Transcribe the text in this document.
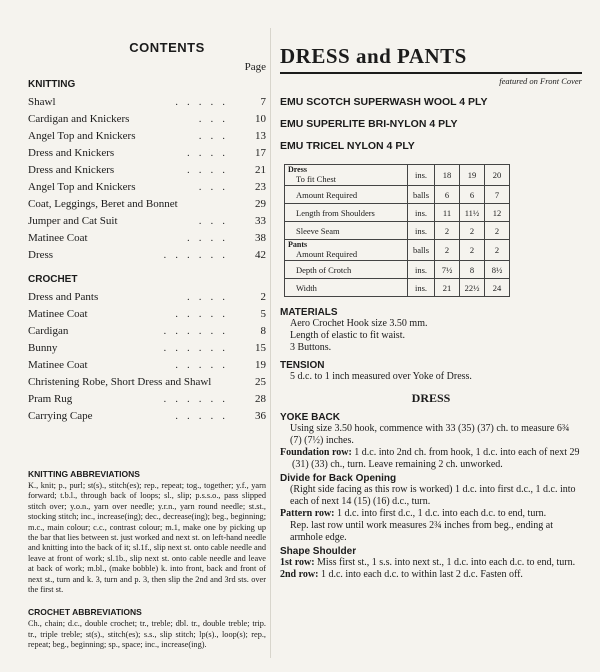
CONTENTS
Page
KNITTING
Shawl	.....	7
Cardigan and Knickers	...	10
Angel Top and Knickers	...	13
Dress and Knickers	....	17
Dress and Knickers	....	21
Angel Top and Knickers	...	23
Coat, Leggings, Beret and Bonnet	29
Jumper and Cat Suit	...	33
Matinee Coat	....	38
Dress	......	42
CROCHET
Dress and Pants	....	2
Matinee Coat	.....	5
Cardigan	......	8
Bunny	......	15
Matinee Coat	.....	19
Christening Robe, Short Dress and Shawl	25
Pram Rug	......	28
Carrying Cape	.....	36
KNITTING ABBREVIATIONS

K., knit; p., purl; st(s)., stitch(es); rep., repeat; tog., together; y.f., yarn forward; t.b.l., through back of loops; sl., slip; p.s.s.o., pass slipped stitch over; y.o.n., yarn over needle; y.r.n., yarn round needle; st.st., stocking stitch; inc., increase(ing); dec., decrease(ing); beg., beginning; m.c., main colour; c.c., contrast colour; m.1, make one by picking up the bar that lies between st. just worked and next st. on left-hand needle and knitting into the back of it; sl.1f., slip next st. onto cable needle and leave at front of work; sl.1b., slip next st. onto cable needle and leave at back of work; m.bl., (make bobble) k. into front, back and front of next st., turn and k. 3, turn and p. 3, then slip the 2nd and 3rd sts. over the first st.

CROCHET ABBREVIATIONS

Ch., chain; d.c., double crochet; tr., treble; dbl. tr., double treble; trip. tr., triple treble; st(s)., stitch(es); s.s., slip stitch; lp(s)., loop(s); rep., repeat; beg., beginning; sp., space; inc., increase(ing).

DRESS and PANTS
featured on Front Cover
EMU SCOTCH SUPERWASH WOOL 4 PLY
EMU SUPERLITE BRI-NYLON 4 PLY
EMU TRICEL NYLON 4 PLY
Dress
To fit Chest	ins.	18	19	20
Amount Required	balls	6	6	7
Length from Shoulders	ins.	11	11½	12
Sleeve Seam	ins.	2	2	2

Pants
Amount Required	balls	2	2	2
Depth of Crotch	ins.	7½	8	8½
Width	ins.	21	22½	24
MATERIALS

Aero Crochet Hook size 3.50 mm.

Length of elastic to fit waist.

3 Buttons.

TENSION

5 d.c. to 1 inch measured over Yoke of Dress.

DRESS
YOKE BACK

Using size 3.50 hook, commence with 33 (35) (37) ch. to measure 6¾ (7) (7½) inches.

Foundation row: 1 d.c. into 2nd ch. from hook, 1 d.c. into each of next 29 (31) (33) ch., turn. Leave remaining 2 ch. unworked.

Divide for Back Opening

(Right side facing as this row is worked) 1 d.c. into first d.c., 1 d.c. into each of next 14 (15) (16) d.c., turn.

Pattern row: 1 d.c. into first d.c., 1 d.c. into each d.c. to end, turn.

Rep. last row until work measures 2¾ inches from beg., ending at armhole edge.

Shape Shoulder

1st row: Miss first st., 1 s.s. into next st., 1 d.c. into each d.c. to end, turn.

2nd row: 1 d.c. into each d.c. to within last 2 d.c. Fasten off.
